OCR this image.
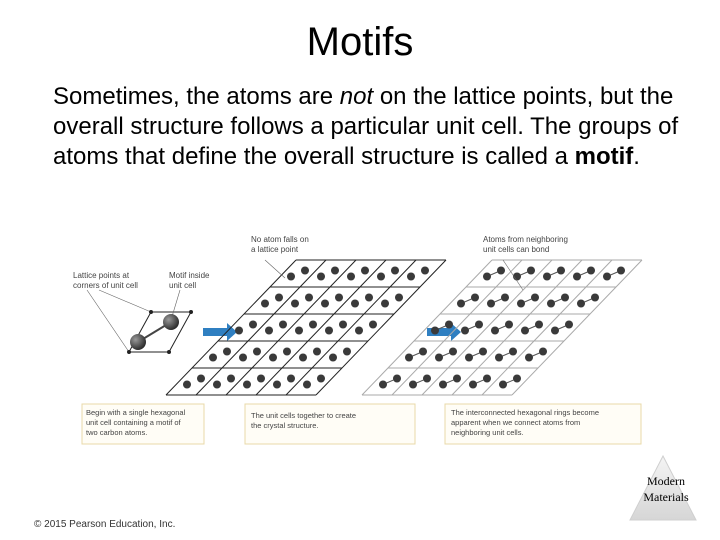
Motifs
Sometimes, the atoms are not on the lattice points, but the overall structure follows a particular unit cell. The groups of atoms that define the overall structure is called a motif.
Lattice points at corners of unit cell
Motif inside unit cell
No atom falls on a lattice point
Atoms from neighboring unit cells can bond
Begin with a single hexagonal unit cell containing a motif of two carbon atoms.
The unit cells together to create the crystal structure.
The interconnected hexagonal rings become apparent when we connect atoms from neighboring unit cells.
Modern
Materials
© 2015 Pearson Education, Inc.
